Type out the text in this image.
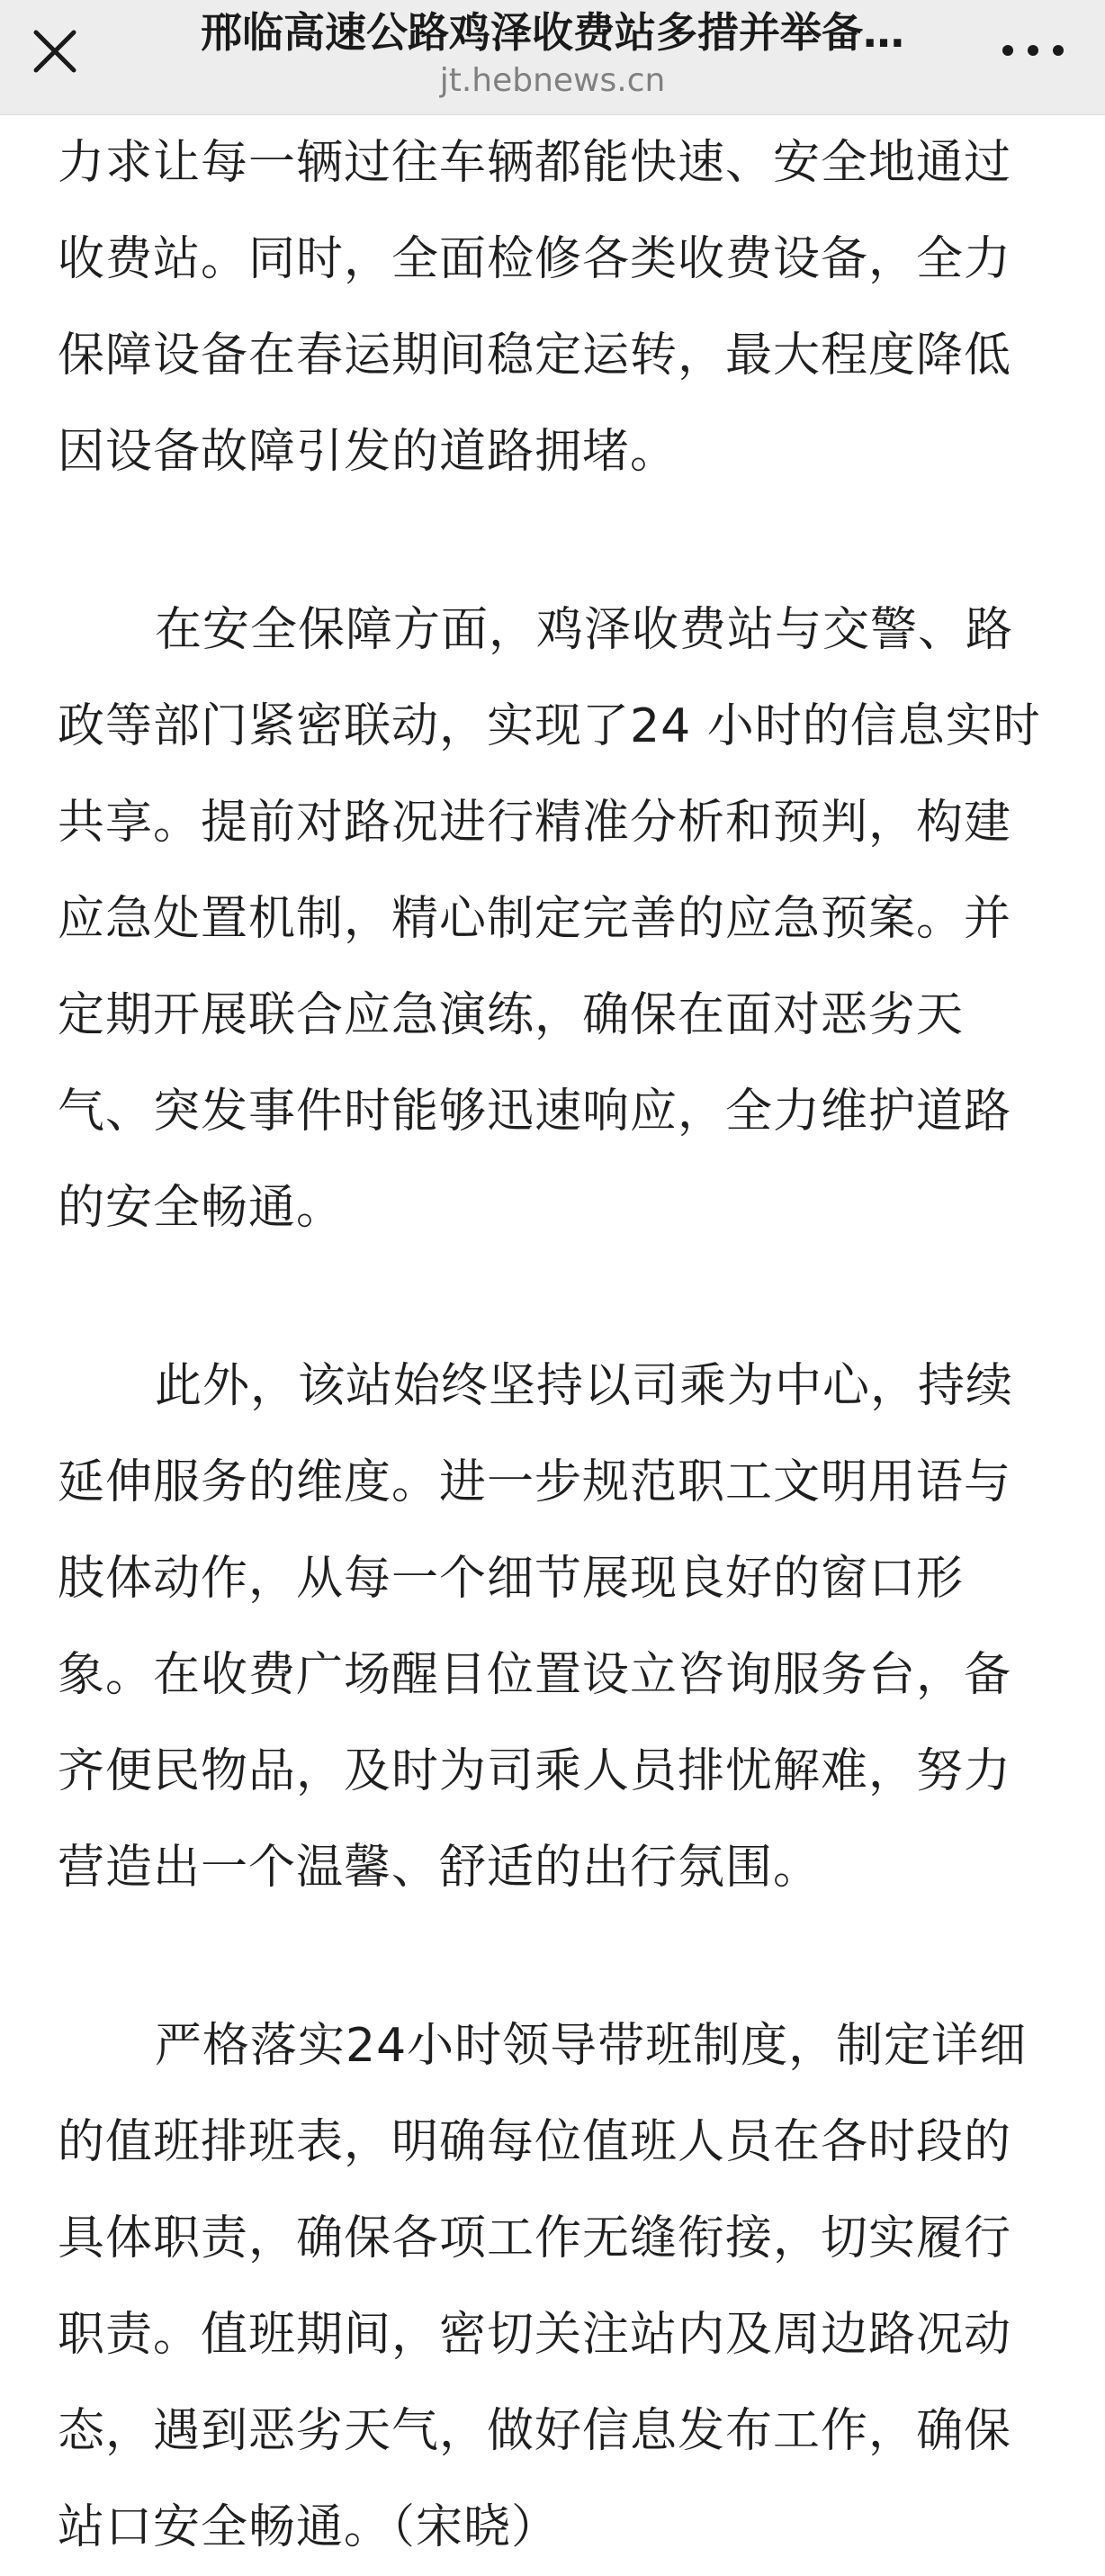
邢临高速公路鸡泽收费站多措并举备…
jt.hebnews.cn

力求让每一辆过往车辆都能快速、安全地通过收费站。同时，全面检修各类收费设备，全力保障设备在春运期间稳定运转，最大程度降低因设备故障引发的道路拥堵。

在安全保障方面，鸡泽收费站与交警、路政等部门紧密联动，实现了24 小时的信息实时共享。提前对路况进行精准分析和预判，构建应急处置机制，精心制定完善的应急预案。并定期开展联合应急演练，确保在面对恶劣天气、突发事件时能够迅速响应，全力维护道路的安全畅通。

此外，该站始终坚持以司乘为中心，持续延伸服务的维度。进一步规范职工文明用语与肢体动作，从每一个细节展现良好的窗口形象。在收费广场醒目位置设立咨询服务台，备齐便民物品，及时为司乘人员排忧解难，努力营造出一个温馨、舒适的出行氛围。

严格落实24小时领导带班制度，制定详细的值班排班表，明确每位值班人员在各时段的具体职责，确保各项工作无缝衔接，切实履行职责。值班期间，密切关注站内及周边路况动态，遇到恶劣天气，做好信息发布工作，确保站口安全畅通。（宋晓）
